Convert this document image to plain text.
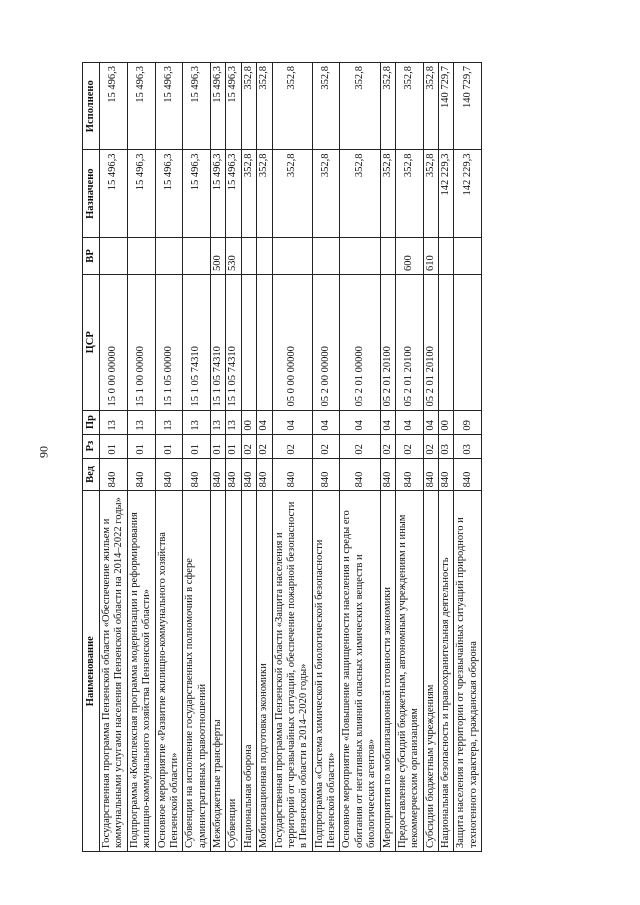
90
Наименование	Вед	Рз	Пр	ЦСР	ВР	Назначено	Исполнено
Государственная программа Пензенской области «Обеспечение жильем и коммунальными услугами населения Пензенской области на 2014–2022 годы»	840	01	13	15 0 00 00000		15 496,3	15 496,3
Подпрограмма «Комплексная программа модернизации и реформирования жилищно-коммунального хозяйства Пензенской области»	840	01	13	15 1 00 00000		15 496,3	15 496,3
Основное мероприятие «Развитие жилищно-коммунального хозяйства Пензенской области»	840	01	13	15 1 05 00000		15 496,3	15 496,3
Субвенции на исполнение государственных полномочий в сфере административных правоотношений	840	01	13	15 1 05 74310		15 496,3	15 496,3
Межбюджетные трансферты	840	01	13	15 1 05 74310	500	15 496,3	15 496,3
Субвенции	840	01	13	15 1 05 74310	530	15 496,3	15 496,3
Национальная оборона	840	02	00			352,8	352,8
Мобилизационная подготовка экономики	840	02	04			352,8	352,8
Государственная программа Пензенской области «Защита населения и территорий от чрезвычайных ситуаций, обеспечение пожарной безопасности в Пензенской области в 2014–2020 годы»	840	02	04	05 0 00 00000		352,8	352,8
Подпрограмма «Система химической и биологической безопасности Пензенской области»	840	02	04	05 2 00 00000		352,8	352,8
Основное мероприятие «Повышение защищенности населения и среды его обитания от негативных влияний опасных химических веществ и биологических агентов»	840	02	04	05 2 01 00000		352,8	352,8
Мероприятия по мобилизационной готовности экономики	840	02	04	05 2 01 20100		352,8	352,8
Предоставление субсидий бюджетным, автономным учреждениям и иным некоммерческим организациям	840	02	04	05 2 01 20100	600	352,8	352,8
Субсидии бюджетным учреждениям	840	02	04	05 2 01 20100	610	352,8	352,8
Национальная безопасность и правоохранительная деятельность	840	03	00			142 229,3	140 729,7
Защита населения и территории от чрезвычайных ситуаций природного и техногенного характера, гражданская оборона	840	03	09			142 229,3	140 729,7
